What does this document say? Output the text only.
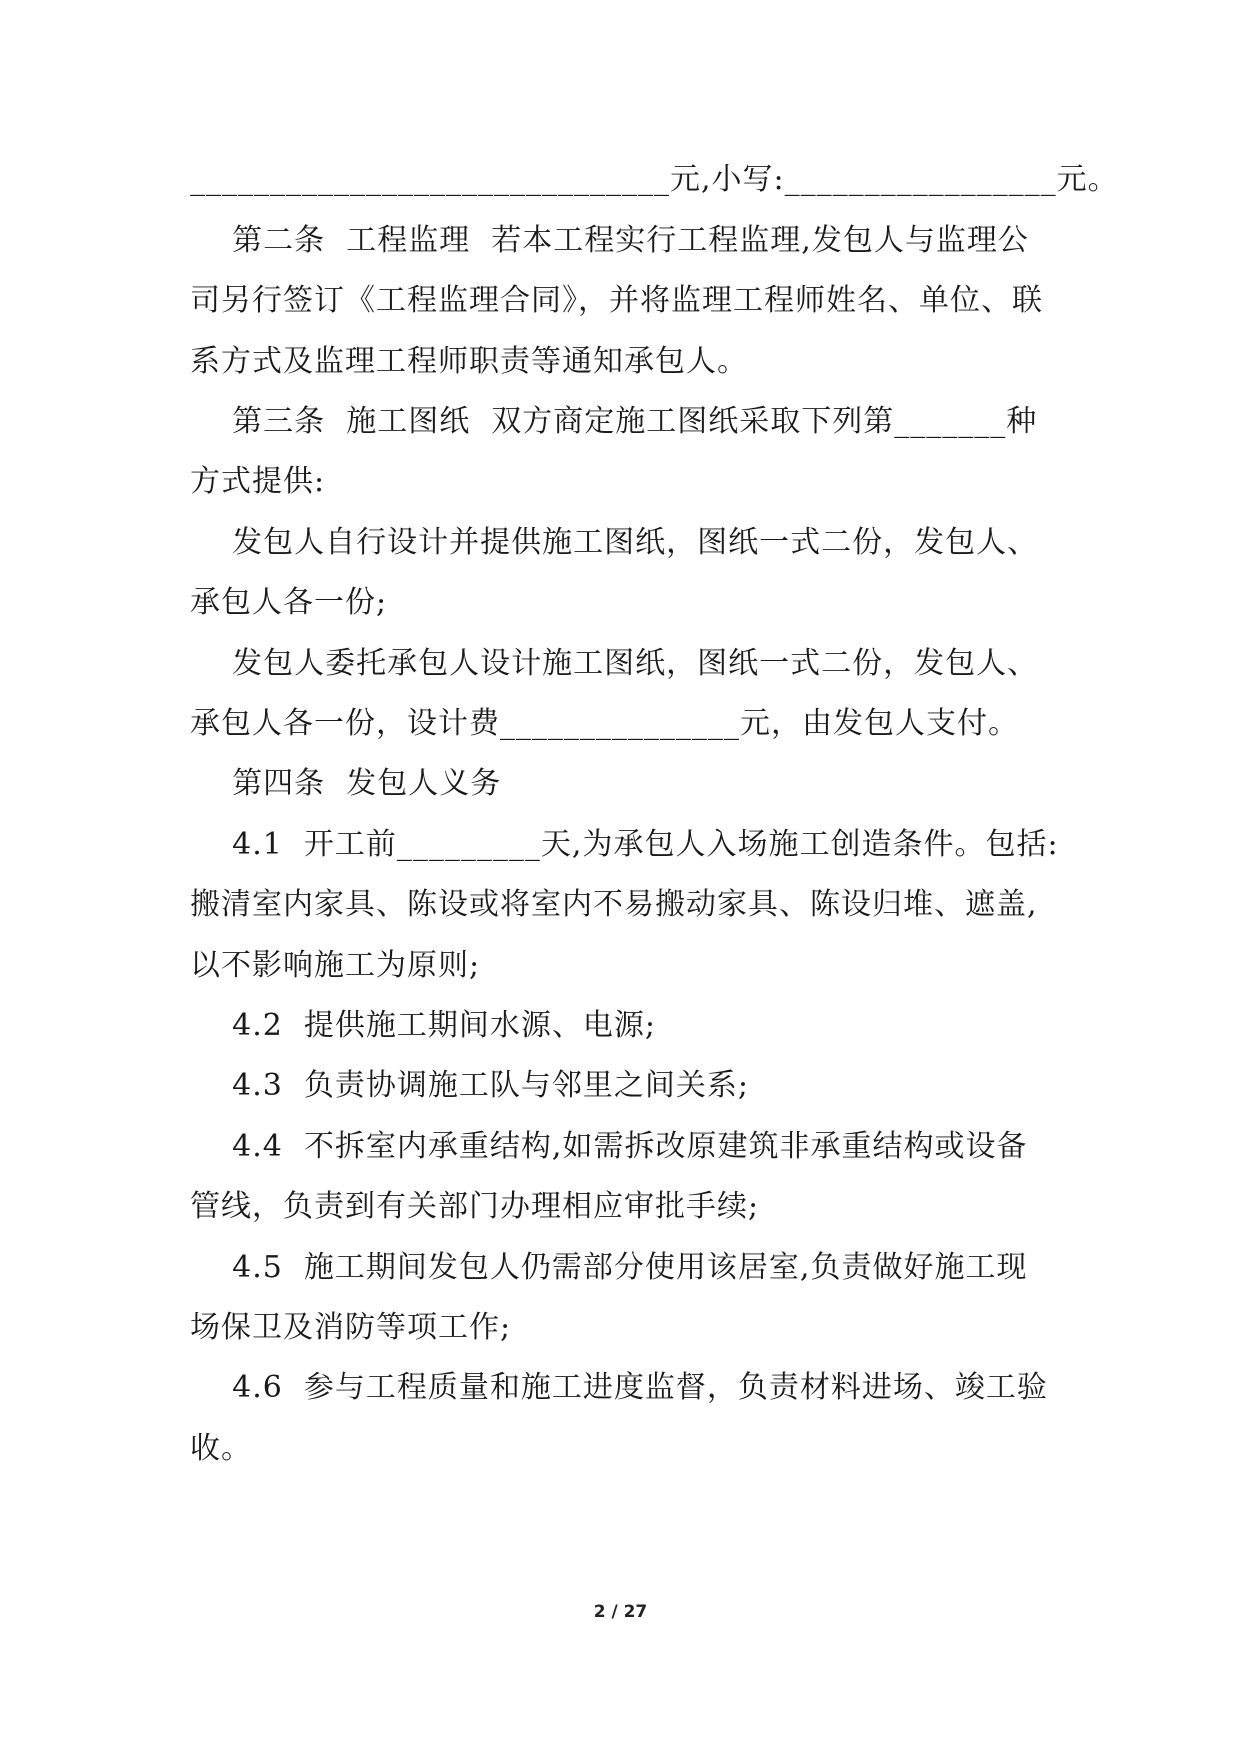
______________________________元,小写:_________________元。
第二条  工程监理  若本工程实行工程监理,发包人与监理公
司另行签订《工程监理合同》，并将监理工程师姓名、单位、联
系方式及监理工程师职责等通知承包人。
第三条  施工图纸  双方商定施工图纸采取下列第_______种
方式提供:
发包人自行设计并提供施工图纸，图纸一式二份，发包人、
承包人各一份;
发包人委托承包人设计施工图纸，图纸一式二份，发包人、
承包人各一份，设计费_______________元，由发包人支付。
第四条  发包人义务
4.1  开工前_________天,为承包人入场施工创造条件。包括:
搬清室内家具、陈设或将室内不易搬动家具、陈设归堆、遮盖,
以不影响施工为原则;
4.2  提供施工期间水源、电源;
4.3  负责协调施工队与邻里之间关系;
4.4  不拆室内承重结构,如需拆改原建筑非承重结构或设备
管线，负责到有关部门办理相应审批手续;
4.5  施工期间发包人仍需部分使用该居室,负责做好施工现
场保卫及消防等项工作;
4.6  参与工程质量和施工进度监督，负责材料进场、竣工验
收。
2 / 27
